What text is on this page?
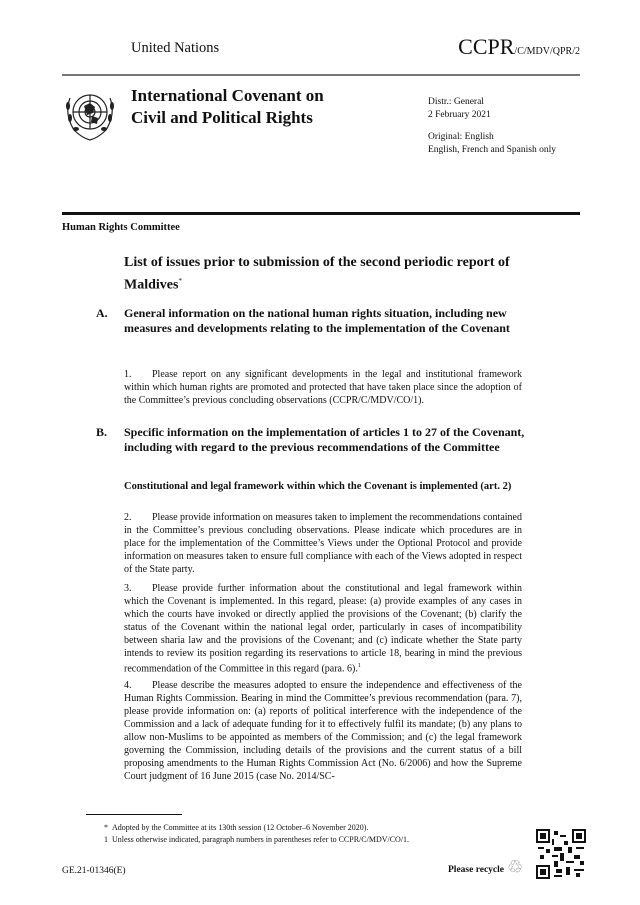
United Nations	CCPR/C/MDV/QPR/2
International Covenant on
Civil and Political Rights
Distr.: General
2 February 2021
Original: English
English, French and Spanish only
Human Rights Committee
List of issues prior to submission of the second periodic report of Maldives*
A. General information on the national human rights situation, including new measures and developments relating to the implementation of the Covenant
1. Please report on any significant developments in the legal and institutional framework within which human rights are promoted and protected that have taken place since the adoption of the Committee’s previous concluding observations (CCPR/C/MDV/CO/1).
B. Specific information on the implementation of articles 1 to 27 of the Covenant, including with regard to the previous recommendations of the Committee
Constitutional and legal framework within which the Covenant is implemented (art. 2)
2. Please provide information on measures taken to implement the recommendations contained in the Committee’s previous concluding observations. Please indicate which procedures are in place for the implementation of the Committee’s Views under the Optional Protocol and provide information on measures taken to ensure full compliance with each of the Views adopted in respect of the State party.
3. Please provide further information about the constitutional and legal framework within which the Covenant is implemented. In this regard, please: (a) provide examples of any cases in which the courts have invoked or directly applied the provisions of the Covenant; (b) clarify the status of the Covenant within the national legal order, particularly in cases of incompatibility between sharia law and the provisions of the Covenant; and (c) indicate whether the State party intends to review its position regarding its reservations to article 18, bearing in mind the previous recommendation of the Committee in this regard (para. 6).$^1$
4. Please describe the measures adopted to ensure the independence and effectiveness of the Human Rights Commission. Bearing in mind the Committee’s previous recommendation (para. 7), please provide information on: (a) reports of political interference with the independence of the Commission and a lack of adequate funding for it to effectively fulfil its mandate; (b) any plans to allow non-Muslims to be appointed as members of the Commission; and (c) the legal framework governing the Commission, including details of the provisions and the current status of a bill proposing amendments to the Human Rights Commission Act (No. 6/2006) and how the Supreme Court judgment of 16 June 2015 (case No. 2014/SC-
* Adopted by the Committee at its 130th session (12 October–6 November 2020).
1 Unless otherwise indicated, paragraph numbers in parentheses refer to CCPR/C/MDV/CO/1.
GE.21-01346(E)	Please recycle ♲
